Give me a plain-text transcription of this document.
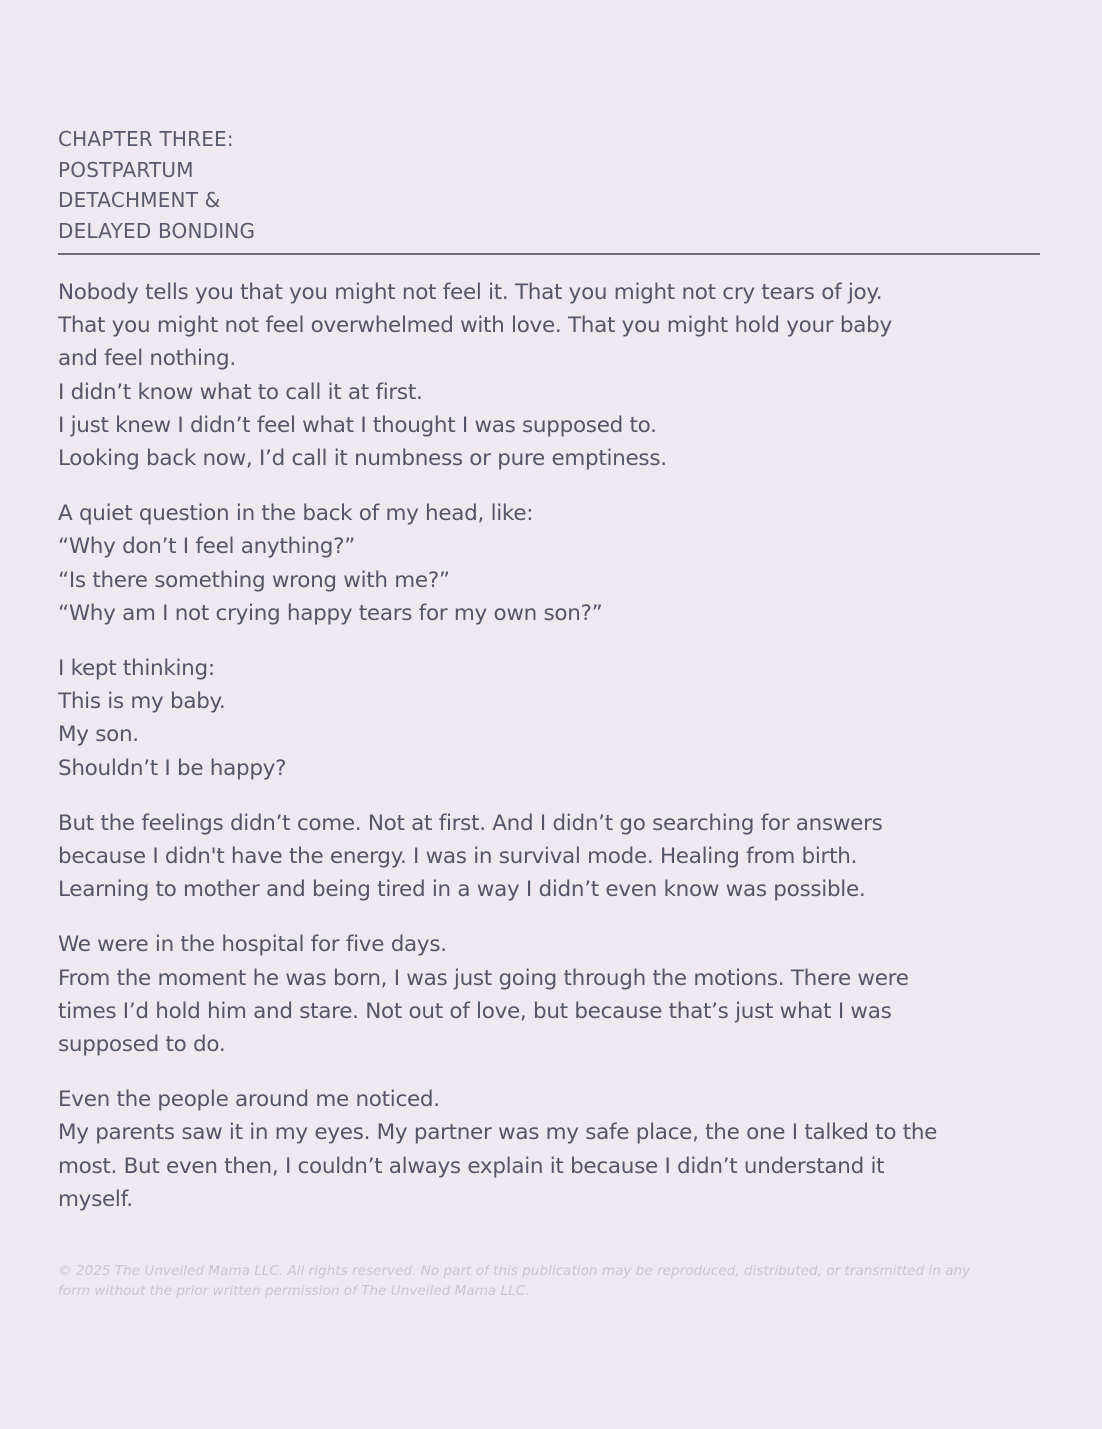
CHAPTER THREE:
POSTPARTUM
DETACHMENT &
DELAYED BONDING
Nobody tells you that you might not feel it. That you might not cry tears of joy.
That you might not feel overwhelmed with love. That you might hold your baby
and feel nothing.
I didn’t know what to call it at first.
I just knew I didn’t feel what I thought I was supposed to.
Looking back now, I’d call it numbness or pure emptiness.
A quiet question in the back of my head, like:
“Why don’t I feel anything?”
“Is there something wrong with me?”
“Why am I not crying happy tears for my own son?”
I kept thinking:
This is my baby.
My son.
Shouldn’t I be happy?
But the feelings didn’t come. Not at first. And I didn’t go searching for answers
because I didn't have the energy. I was in survival mode. Healing from birth.
Learning to mother and being tired in a way I didn’t even know was possible.
We were in the hospital for five days.
From the moment he was born, I was just going through the motions. There were
times I’d hold him and stare. Not out of love, but because that’s just what I was
supposed to do.
Even the people around me noticed.
My parents saw it in my eyes. My partner was my safe place, the one I talked to the
most. But even then, I couldn’t always explain it because I didn’t understand it
myself.
© 2025 The Unveiled Mama LLC. All rights reserved. No part of this publication may be reproduced, distributed, or transmitted in any
form without the prior written permission of The Unveiled Mama LLC.
